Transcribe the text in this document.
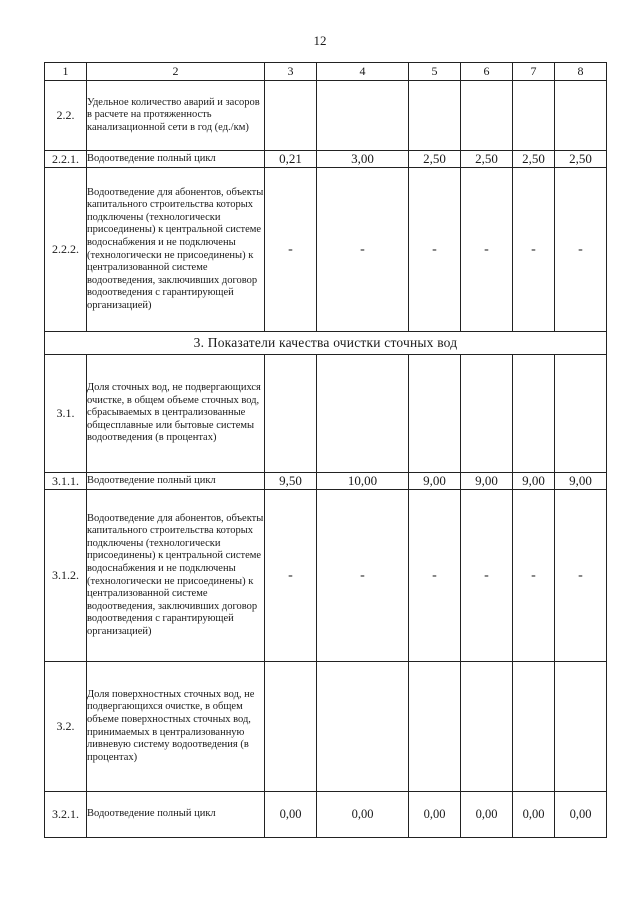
12
1	2	3	4	5	6	7	8
2.2.	Удельное количество аварий и засоров в расчете на протяженность канализационной сети в год (ед./км)						
2.2.1.	Водоотведение полный цикл	0,21	3,00	2,50	2,50	2,50	2,50
2.2.2.	Водоотведение для абонентов, объекты капитального строительства которых подключены (технологически присоединены) к центральной системе водоснабжения и не подключены (технологически не присоединены) к централизованной системе водоотведения, заключивших договор водоотведения с гарантирующей организацией)	-	-	-	-	-	-
3. Показатели качества очистки сточных вод							
3.1.	Доля сточных вод, не подвергающихся очистке, в общем объеме сточных вод, сбрасываемых в централизованные общесплавные или бытовые системы водоотведения (в процентах)						
3.1.1.	Водоотведение полный цикл	9,50	10,00	9,00	9,00	9,00	9,00
3.1.2.	Водоотведение для абонентов, объекты капитального строительства которых подключены (технологически присоединены) к центральной системе водоснабжения и не подключены (технологически не присоединены) к централизованной системе водоотведения, заключивших договор водоотведения с гарантирующей организацией)	-	-	-	-	-	-
3.2.	Доля поверхностных сточных вод, не подвергающихся очистке, в общем объеме поверхностных сточных вод, принимаемых в централизованную ливневую систему водоотведения (в процентах)						
3.2.1.	Водоотведение полный цикл	0,00	0,00	0,00	0,00	0,00	0,00
